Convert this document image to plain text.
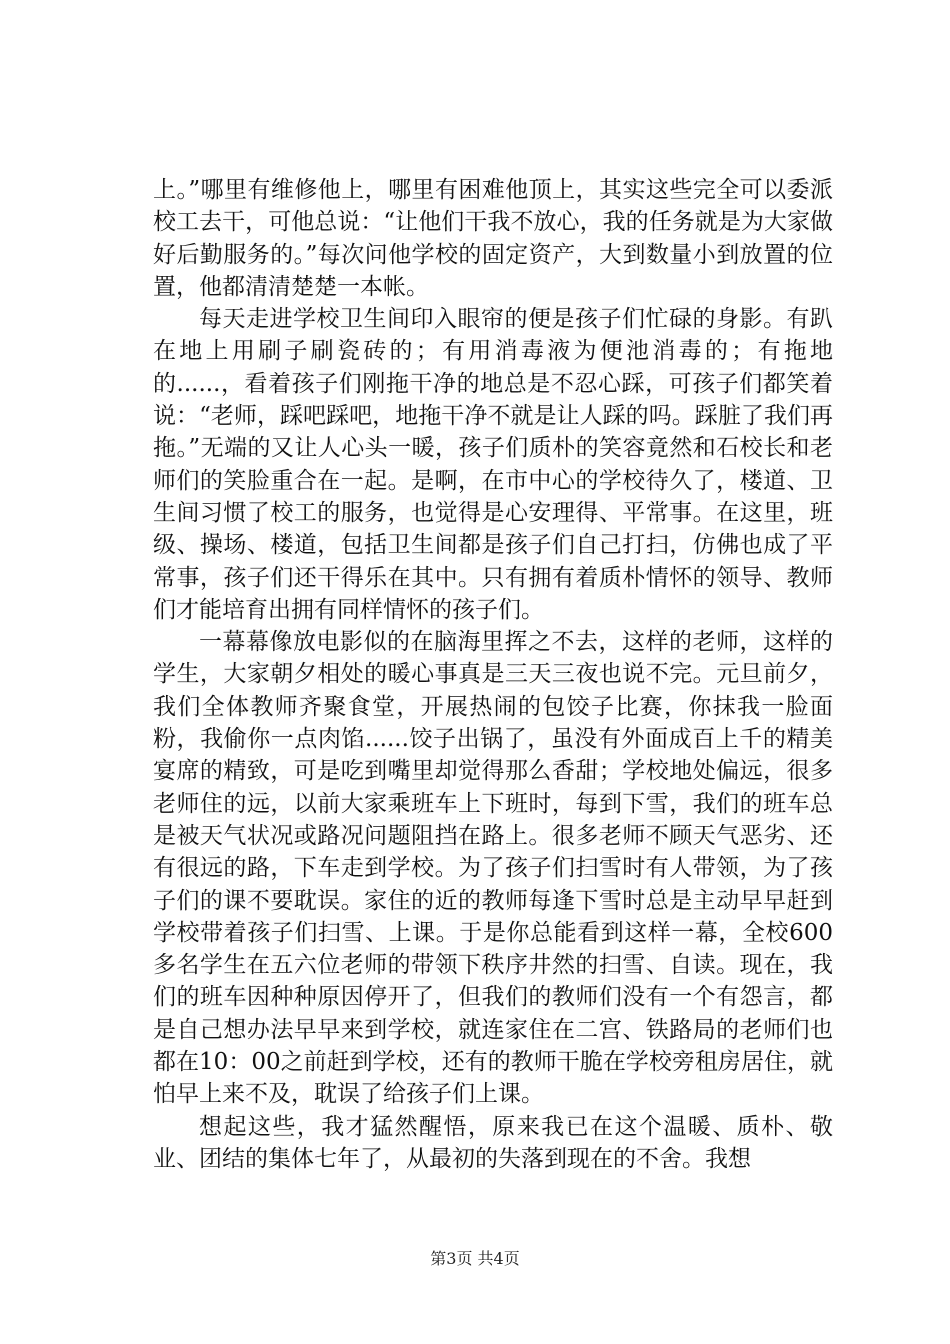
上。”哪里有维修他上，哪里有困难他顶上，其实这些完全可以委派校工去干，可他总说：“让他们干我不放心，我的任务就是为大家做好后勤服务的。”每次问他学校的固定资产，大到数量小到放置的位置，他都清清楚楚一本帐。

每天走进学校卫生间印入眼帘的便是孩子们忙碌的身影。有趴在地上用刷子刷瓷砖的；有用消毒液为便池消毒的；有拖地的......，看着孩子们刚拖干净的地总是不忍心踩，可孩子们都笑着说：“老师，踩吧踩吧，地拖干净不就是让人踩的吗。踩脏了我们再拖。”无端的又让人心头一暖，孩子们质朴的笑容竟然和石校长和老师们的笑脸重合在一起。是啊，在市中心的学校待久了，楼道、卫生间习惯了校工的服务，也觉得是心安理得、平常事。在这里，班级、操场、楼道，包括卫生间都是孩子们自己打扫，仿佛也成了平常事，孩子们还干得乐在其中。只有拥有着质朴情怀的领导、教师们才能培育出拥有同样情怀的孩子们。

一幕幕像放电影似的在脑海里挥之不去，这样的老师，这样的学生，大家朝夕相处的暖心事真是三天三夜也说不完。元旦前夕，我们全体教师齐聚食堂，开展热闹的包饺子比赛，你抹我一脸面粉，我偷你一点肉馅......饺子出锅了，虽没有外面成百上千的精美宴席的精致，可是吃到嘴里却觉得那么香甜；学校地处偏远，很多老师住的远，以前大家乘班车上下班时，每到下雪，我们的班车总是被天气状况或路况问题阻挡在路上。很多老师不顾天气恶劣、还有很远的路，下车走到学校。为了孩子们扫雪时有人带领，为了孩子们的课不要耽误。家住的近的教师每逢下雪时总是主动早早赶到学校带着孩子们扫雪、上课。于是你总能看到这样一幕，全校600多名学生在五六位老师的带领下秩序井然的扫雪、自读。现在，我们的班车因种种原因停开了，但我们的教师们没有一个有怨言，都是自己想办法早早来到学校，就连家住在二宫、铁路局的老师们也都在10：00之前赶到学校，还有的教师干脆在学校旁租房居住，就怕早上来不及，耽误了给孩子们上课。

想起这些，我才猛然醒悟，原来我已在这个温暖、质朴、敬业、团结的集体七年了，从最初的失落到现在的不舍。我想

第3页 共4页
